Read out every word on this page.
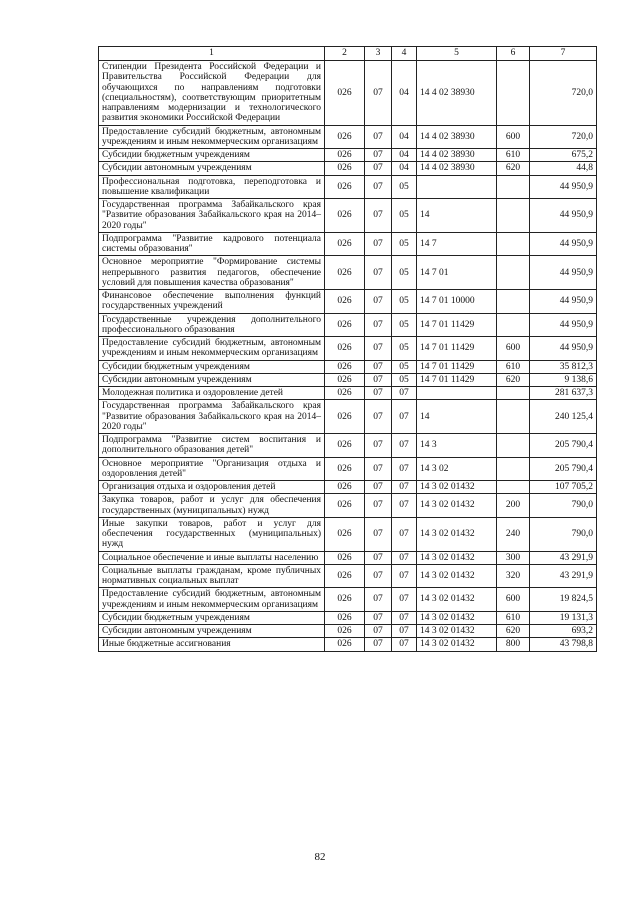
1	2	3	4	5	6	7
Стипендии Президента Российской Федерации и Правительства Российской Федерации для обучающихся по направлениям подготовки (специальностям), соответствующим приоритетным направлениям модернизации и технологического развития экономики Российской Федерации	026	07	04	14 4 02 38930		720,0
Предоставление субсидий бюджетным, автономным учреждениям и иным некоммерческим организациям	026	07	04	14 4 02 38930	600	720,0
Субсидии бюджетным учреждениям	026	07	04	14 4 02 38930	610	675,2
Субсидии автономным учреждениям	026	07	04	14 4 02 38930	620	44,8
Профессиональная подготовка, переподготовка и повышение квалификации	026	07	05			44 950,9
Государственная программа Забайкальского края "Развитие образования Забайкальского края на 2014–2020 годы"	026	07	05	14		44 950,9
Подпрограмма "Развитие кадрового потенциала системы образования"	026	07	05	14 7		44 950,9
Основное мероприятие "Формирование системы непрерывного развития педагогов, обеспечение условий для повышения качества образования"	026	07	05	14 7 01		44 950,9
Финансовое обеспечение выполнения функций государственных учреждений	026	07	05	14 7 01 10000		44 950,9
Государственные учреждения дополнительного профессионального образования	026	07	05	14 7 01 11429		44 950,9
Предоставление субсидий бюджетным, автономным учреждениям и иным некоммерческим организациям	026	07	05	14 7 01 11429	600	44 950,9
Субсидии бюджетным учреждениям	026	07	05	14 7 01 11429	610	35 812,3
Субсидии автономным учреждениям	026	07	05	14 7 01 11429	620	9 138,6
Молодежная политика и оздоровление детей	026	07	07			281 637,3
Государственная программа Забайкальского края "Развитие образования Забайкальского края на 2014–2020 годы"	026	07	07	14		240 125,4
Подпрограмма "Развитие систем воспитания и дополнительного образования детей"	026	07	07	14 3		205 790,4
Основное мероприятие "Организация отдыха и оздоровления детей"	026	07	07	14 3 02		205 790,4
Организация отдыха и оздоровления детей	026	07	07	14 3 02 01432		107 705,2
Закупка товаров, работ и услуг для обеспечения государственных (муниципальных) нужд	026	07	07	14 3 02 01432	200	790,0
Иные закупки товаров, работ и услуг для обеспечения государственных (муниципальных) нужд	026	07	07	14 3 02 01432	240	790,0
Социальное обеспечение и иные выплаты населению	026	07	07	14 3 02 01432	300	43 291,9
Социальные выплаты гражданам, кроме публичных нормативных социальных выплат	026	07	07	14 3 02 01432	320	43 291,9
Предоставление субсидий бюджетным, автономным учреждениям и иным некоммерческим организациям	026	07	07	14 3 02 01432	600	19 824,5
Субсидии бюджетным учреждениям	026	07	07	14 3 02 01432	610	19 131,3
Субсидии автономным учреждениям	026	07	07	14 3 02 01432	620	693,2
Иные бюджетные ассигнования	026	07	07	14 3 02 01432	800	43 798,8
82
